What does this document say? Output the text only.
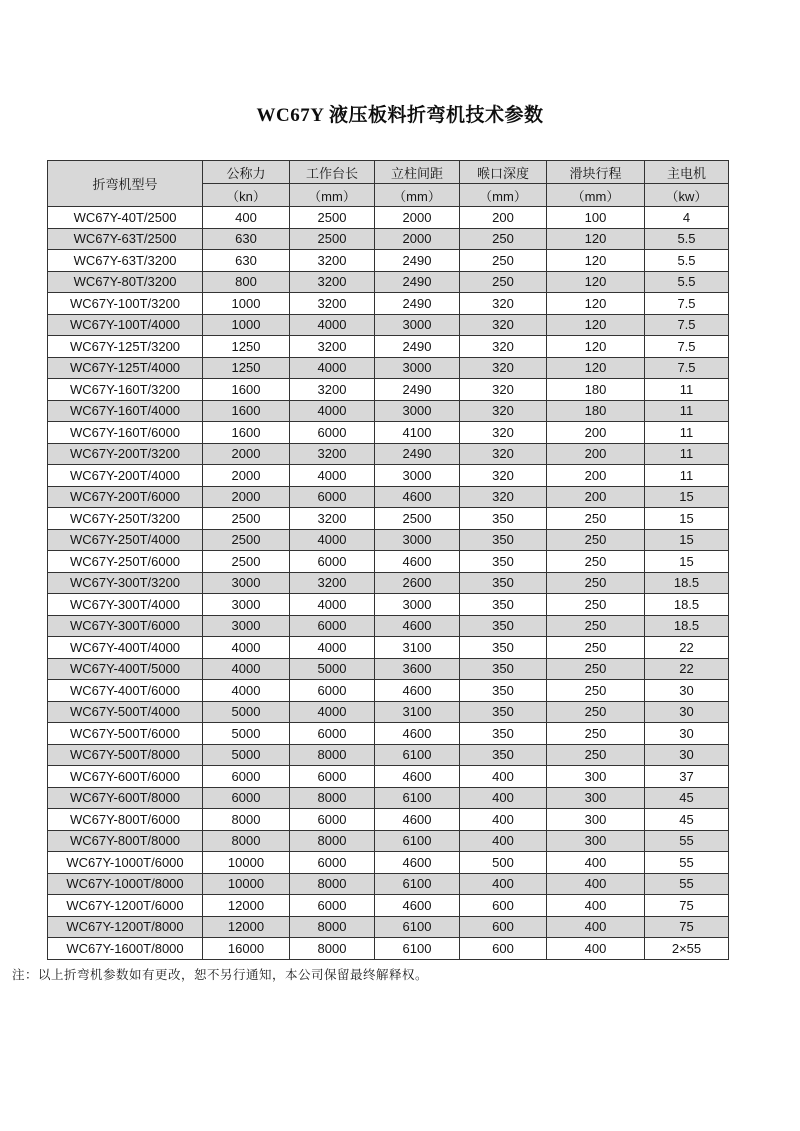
WC67Y 液压板料折弯机技术参数
折弯机型号	公称力	工作台长	立柱间距	喉口深度	滑块行程	主电机
	（kn）	（mm）	（mm）	（mm）	（mm）	（kw）
WC67Y-40T/2500	400	2500	2000	200	100	4
WC67Y-63T/2500	630	2500	2000	250	120	5.5
WC67Y-63T/3200	630	3200	2490	250	120	5.5
WC67Y-80T/3200	800	3200	2490	250	120	5.5
WC67Y-100T/3200	1000	3200	2490	320	120	7.5
WC67Y-100T/4000	1000	4000	3000	320	120	7.5
WC67Y-125T/3200	1250	3200	2490	320	120	7.5
WC67Y-125T/4000	1250	4000	3000	320	120	7.5
WC67Y-160T/3200	1600	3200	2490	320	180	11
WC67Y-160T/4000	1600	4000	3000	320	180	11
WC67Y-160T/6000	1600	6000	4100	320	200	11
WC67Y-200T/3200	2000	3200	2490	320	200	11
WC67Y-200T/4000	2000	4000	3000	320	200	11
WC67Y-200T/6000	2000	6000	4600	320	200	15
WC67Y-250T/3200	2500	3200	2500	350	250	15
WC67Y-250T/4000	2500	4000	3000	350	250	15
WC67Y-250T/6000	2500	6000	4600	350	250	15
WC67Y-300T/3200	3000	3200	2600	350	250	18.5
WC67Y-300T/4000	3000	4000	3000	350	250	18.5
WC67Y-300T/6000	3000	6000	4600	350	250	18.5
WC67Y-400T/4000	4000	4000	3100	350	250	22
WC67Y-400T/5000	4000	5000	3600	350	250	22
WC67Y-400T/6000	4000	6000	4600	350	250	30
WC67Y-500T/4000	5000	4000	3100	350	250	30
WC67Y-500T/6000	5000	6000	4600	350	250	30
WC67Y-500T/8000	5000	8000	6100	350	250	30
WC67Y-600T/6000	6000	6000	4600	400	300	37
WC67Y-600T/8000	6000	8000	6100	400	300	45
WC67Y-800T/6000	8000	6000	4600	400	300	45
WC67Y-800T/8000	8000	8000	6100	400	300	55
WC67Y-1000T/6000	10000	6000	4600	500	400	55
WC67Y-1000T/8000	10000	8000	6100	400	400	55
WC67Y-1200T/6000	12000	6000	4600	600	400	75
WC67Y-1200T/8000	12000	8000	6100	600	400	75
WC67Y-1600T/8000	16000	8000	6100	600	400	2×55

注：以上折弯机参数如有更改，恕不另行通知，本公司保留最终解释权。
